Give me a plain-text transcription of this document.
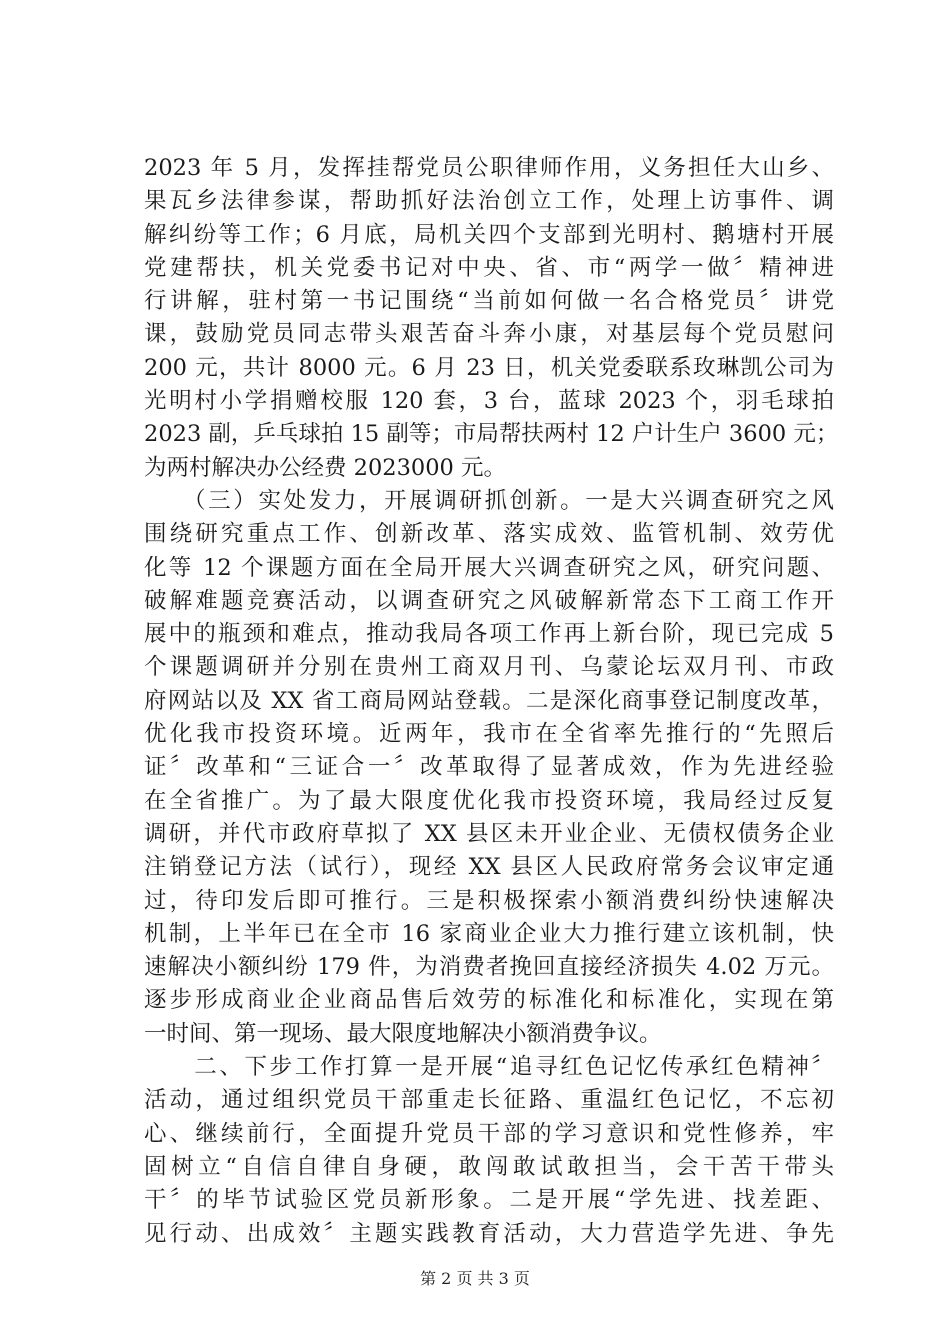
2023 年 5 月，发挥挂帮党员公职律师作用，义务担任大山乡、
果瓦乡法律参谋，帮助抓好法治创立工作，处理上访事件、调
解纠纷等工作；6 月底，局机关四个支部到光明村、鹅塘村开展
党建帮扶，机关党委书记对中央、省、市“两学一做〞精神进
行讲解，驻村第一书记围绕“当前如何做一名合格党员〞讲党
课，鼓励党员同志带头艰苦奋斗奔小康，对基层每个党员慰问
200 元，共计 8000 元。6 月 23 日，机关党委联系玫琳凯公司为
光明村小学捐赠校服 120 套，3 台，蓝球 2023 个，羽毛球拍
2023 副，乒乓球拍 15 副等；市局帮扶两村 12 户计生户 3600 元；
为两村解决办公经费 2023000 元。
　　（三）实处发力，开展调研抓创新。一是大兴调查研究之风
围绕研究重点工作、创新改革、落实成效、监管机制、效劳优
化等 12 个课题方面在全局开展大兴调查研究之风，研究问题、
破解难题竞赛活动，以调查研究之风破解新常态下工商工作开
展中的瓶颈和难点，推动我局各项工作再上新台阶，现已完成 5
个课题调研并分别在贵州工商双月刊、乌蒙论坛双月刊、市政
府网站以及 XX 省工商局网站登载。二是深化商事登记制度改革，
优化我市投资环境。近两年，我市在全省率先推行的“先照后
证〞改革和“三证合一〞改革取得了显著成效，作为先进经验
在全省推广。为了最大限度优化我市投资环境，我局经过反复
调研，并代市政府草拟了 XX 县区未开业企业、无债权债务企业
注销登记方法（试行），现经 XX 县区人民政府常务会议审定通
过，待印发后即可推行。三是积极探索小额消费纠纷快速解决
机制，上半年已在全市 16 家商业企业大力推行建立该机制，快
速解决小额纠纷 179 件，为消费者挽回直接经济损失 4.02 万元。
逐步形成商业企业商品售后效劳的标准化和标准化，实现在第
一时间、第一现场、最大限度地解决小额消费争议。
　　二、下步工作打算一是开展“追寻红色记忆传承红色精神〞
活动，通过组织党员干部重走长征路、重温红色记忆，不忘初
心、继续前行，全面提升党员干部的学习意识和党性修养，牢
固树立“自信自律自身硬，敢闯敢试敢担当，会干苦干带头
干〞的毕节试验区党员新形象。二是开展“学先进、找差距、
见行动、出成效〞主题实践教育活动，大力营造学先进、争先
第 2 页 共 3 页
